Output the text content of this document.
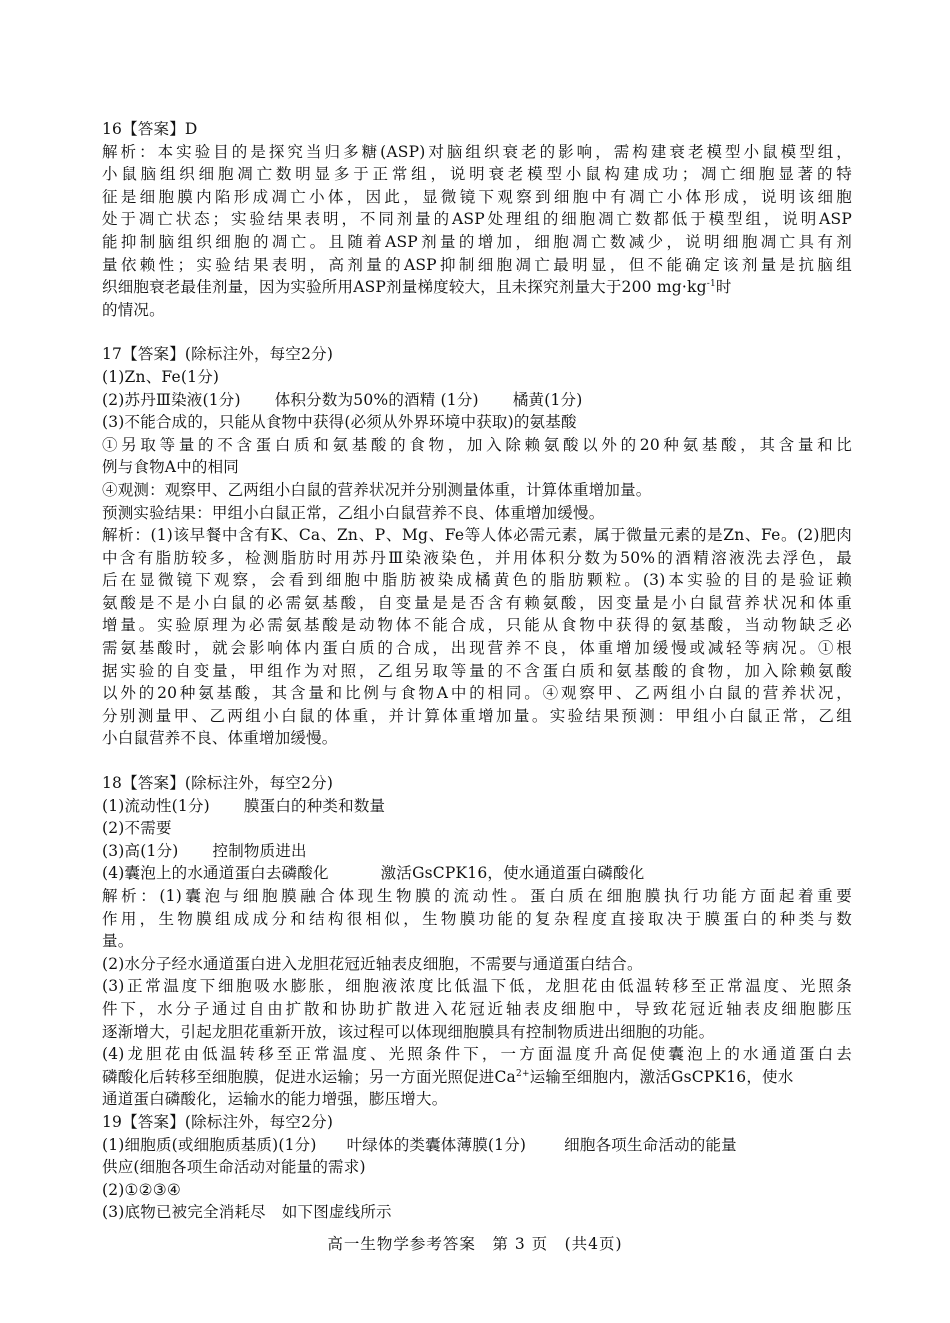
16【答案】D
解析：本实验目的是探究当归多糖(ASP)对脑组织衰老的影响，需构建衰老模型小鼠模型组，
小鼠脑组织细胞凋亡数明显多于正常组，说明衰老模型小鼠构建成功；凋亡细胞显著的特
征是细胞膜内陷形成凋亡小体，因此，显微镜下观察到细胞中有凋亡小体形成，说明该细胞
处于凋亡状态；实验结果表明，不同剂量的ASP处理组的细胞凋亡数都低于模型组，说明ASP
能抑制脑组织细胞的凋亡。且随着ASP剂量的增加，细胞凋亡数减少，说明细胞凋亡具有剂
量依赖性；实验结果表明，高剂量的ASP抑制细胞凋亡最明显，但不能确定该剂量是抗脑组
织细胞衰老最佳剂量，因为实验所用ASP剂量梯度较大，且未探究剂量大于200 $mg\cdot kg^{-1}$时
的情况。
17【答案】(除标注外，每空2分)
(1)Zn、Fe(1分)
(2)苏丹Ⅲ染液(1分) 体积分数为50%的酒精 (1分) 橘黄(1分)
(3)不能合成的，只能从食物中获得(必须从外界环境中获取)的氨基酸
①另取等量的不含蛋白质和氨基酸的食物，加入除赖氨酸以外的20种氨基酸，其含量和比
例与食物A中的相同
④观测：观察甲、乙两组小白鼠的营养状况并分别测量体重，计算体重增加量。
预测实验结果：甲组小白鼠正常，乙组小白鼠营养不良、体重增加缓慢。
解析：(1)该早餐中含有K、Ca、Zn、P、Mg、Fe等人体必需元素，属于微量元素的是Zn、Fe。(2)肥肉
中含有脂肪较多，检测脂肪时用苏丹Ⅲ染液染色，并用体积分数为50%的酒精溶液洗去浮色，最
后在显微镜下观察，会看到细胞中脂肪被染成橘黄色的脂肪颗粒。(3)本实验的目的是验证赖
氨酸是不是小白鼠的必需氨基酸，自变量是是否含有赖氨酸，因变量是小白鼠营养状况和体重
增量。实验原理为必需氨基酸是动物体不能合成，只能从食物中获得的氨基酸，当动物缺乏必
需氨基酸时，就会影响体内蛋白质的合成，出现营养不良，体重增加缓慢或减轻等病况。①根
据实验的自变量，甲组作为对照，乙组另取等量的不含蛋白质和氨基酸的食物，加入除赖氨酸
以外的20种氨基酸，其含量和比例与食物A中的相同。④观察甲、乙两组小白鼠的营养状况，
分别测量甲、乙两组小白鼠的体重，并计算体重增加量。实验结果预测：甲组小白鼠正常，乙组
小白鼠营养不良、体重增加缓慢。
18【答案】(除标注外，每空2分)
(1)流动性(1分) 膜蛋白的种类和数量
(2)不需要
(3)高(1分) 控制物质进出
(4)囊泡上的水通道蛋白去磷酸化	激活GsCPK16，使水通道蛋白磷酸化
解析：(1)囊泡与细胞膜融合体现生物膜的流动性。蛋白质在细胞膜执行功能方面起着重要
作用，生物膜组成成分和结构很相似，生物膜功能的复杂程度直接取决于膜蛋白的种类与数
量。
(2)水分子经水通道蛋白进入龙胆花冠近轴表皮细胞，不需要与通道蛋白结合。
(3)正常温度下细胞吸水膨胀，细胞液浓度比低温下低，龙胆花由低温转移至正常温度、光照条
件下，水分子通过自由扩散和协助扩散进入花冠近轴表皮细胞中，导致花冠近轴表皮细胞膨压
逐渐增大，引起龙胆花重新开放，该过程可以体现细胞膜具有控制物质进出细胞的功能。
(4)龙胆花由低温转移至正常温度、光照条件下，一方面温度升高促使囊泡上的水通道蛋白去
磷酸化后转移至细胞膜，促进水运输；另一方面光照促进$Ca^{2+}$运输至细胞内，激活GsCPK16，使水
通道蛋白磷酸化，运输水的能力增强，膨压增大。
19【答案】(除标注外，每空2分)
(1)细胞质(或细胞质基质)(1分) 叶绿体的类囊体薄膜(1分) 细胞各项生命活动的能量
供应(细胞各项生命活动对能量的需求)
(2)①②③④
(3)底物已被完全消耗尽 如下图虚线所示
高一生物学参考答案　第 3 页　(共4页)
